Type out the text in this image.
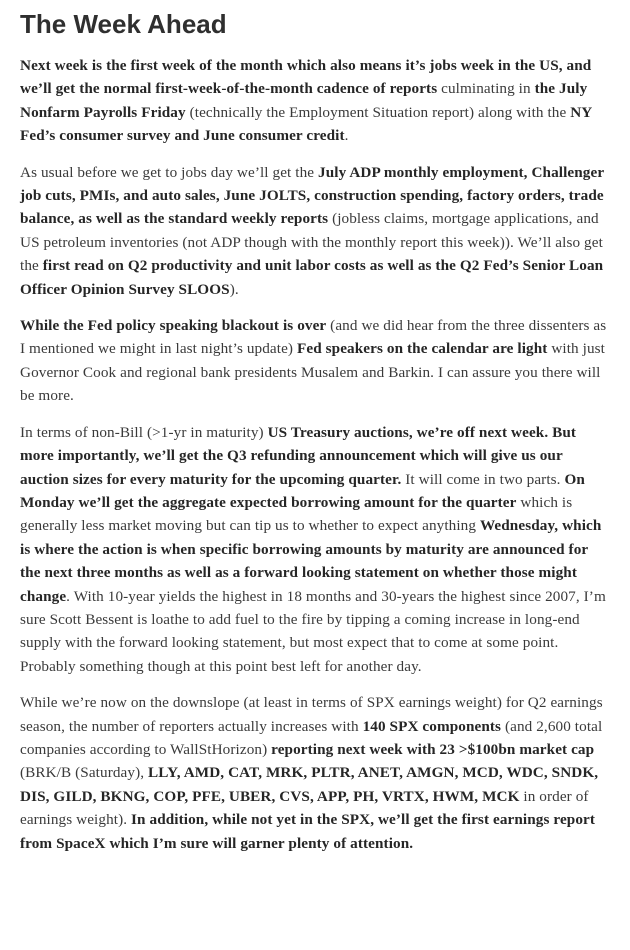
The Week Ahead

Next week is the first week of the month which also means it’s jobs week in the US, and we’ll get the normal first-week-of-the-month cadence of reports culminating in the July Nonfarm Payrolls Friday (technically the Employment Situation report) along with the NY Fed’s consumer survey and June consumer credit.

As usual before we get to jobs day we’ll get the July ADP monthly employment, Challenger job cuts, PMIs, and auto sales, June JOLTS, construction spending, factory orders, trade balance, as well as the standard weekly reports (jobless claims, mortgage applications, and US petroleum inventories (not ADP though with the monthly report this week)). We’ll also get the first read on Q2 productivity and unit labor costs as well as the Q2 Fed’s Senior Loan Officer Opinion Survey SLOOS).

While the Fed policy speaking blackout is over (and we did hear from the three dissenters as I mentioned we might in last night’s update) Fed speakers on the calendar are light with just Governor Cook and regional bank presidents Musalem and Barkin. I can assure you there will be more.

In terms of non-Bill (>1-yr in maturity) US Treasury auctions, we’re off next week. But more importantly, we’ll get the Q3 refunding announcement which will give us our auction sizes for every maturity for the upcoming quarter. It will come in two parts. On Monday we’ll get the aggregate expected borrowing amount for the quarter which is generally less market moving but can tip us to whether to expect anything Wednesday, which is where the action is when specific borrowing amounts by maturity are announced for the next three months as well as a forward looking statement on whether those might change. With 10-year yields the highest in 18 months and 30-years the highest since 2007, I’m sure Scott Bessent is loathe to add fuel to the fire by tipping a coming increase in long-end supply with the forward looking statement, but most expect that to come at some point. Probably something though at this point best left for another day.

While we’re now on the downslope (at least in terms of SPX earnings weight) for Q2 earnings season, the number of reporters actually increases with 140 SPX components (and 2,600 total companies according to WallStHorizon) reporting next week with 23 >$100bn market cap (BRK/B (Saturday), LLY, AMD, CAT, MRK, PLTR, ANET, AMGN, MCD, WDC, SNDK, DIS, GILD, BKNG, COP, PFE, UBER, CVS, APP, PH, VRTX, HWM, MCK in order of earnings weight). In addition, while not yet in the SPX, we’ll get the first earnings report from SpaceX which I’m sure will garner plenty of attention.
